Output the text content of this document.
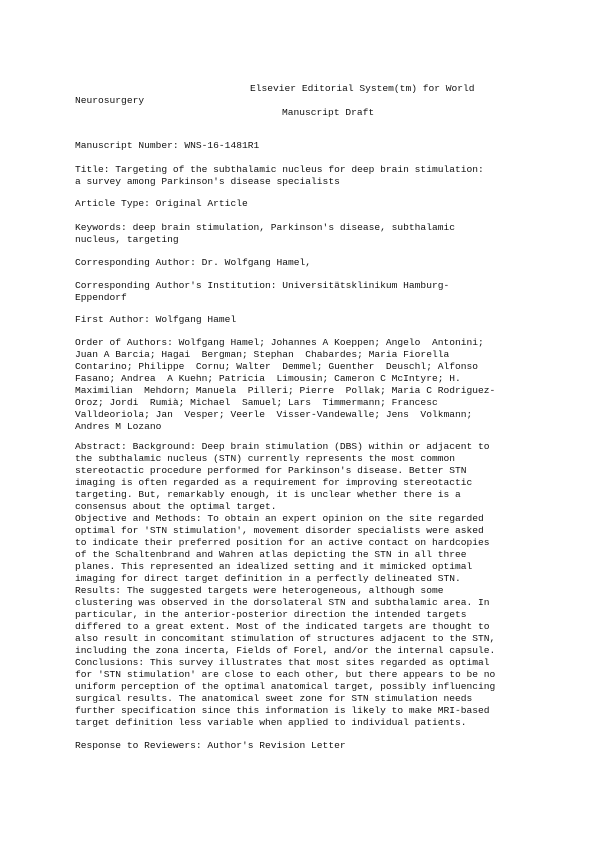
Elsevier Editorial System(tm) for World
Neurosurgery
Manuscript Draft
Manuscript Number: WNS-16-1481R1
Title: Targeting of the subthalamic nucleus for deep brain stimulation:
a survey among Parkinson's disease specialists
Article Type: Original Article
Keywords: deep brain stimulation, Parkinson's disease, subthalamic
nucleus, targeting
Corresponding Author: Dr. Wolfgang Hamel,
Corresponding Author's Institution: Universitätsklinikum Hamburg-
Eppendorf
First Author: Wolfgang Hamel
Order of Authors: Wolfgang Hamel; Johannes A Koeppen; Angelo  Antonini;
Juan A Barcia; Hagai  Bergman; Stephan  Chabardes; Maria Fiorella
Contarino; Philippe  Cornu; Walter  Demmel; Guenther  Deuschl; Alfonso
Fasano; Andrea  A Kuehn; Patricia  Limousin; Cameron C McIntyre; H.
Maximilian  Mehdorn; Manuela  Pilleri; Pierre  Pollak; Maria C Rodriguez-
Oroz; Jordi  Rumià; Michael  Samuel; Lars  Timmermann; Francesc
Valldeoriola; Jan  Vesper; Veerle  Visser-Vandewalle; Jens  Volkmann;
Andres M Lozano
Abstract: Background: Deep brain stimulation (DBS) within or adjacent to
the subthalamic nucleus (STN) currently represents the most common
stereotactic procedure performed for Parkinson's disease. Better STN
imaging is often regarded as a requirement for improving stereotactic
targeting. But, remarkably enough, it is unclear whether there is a
consensus about the optimal target.
Objective and Methods: To obtain an expert opinion on the site regarded
optimal for 'STN stimulation', movement disorder specialists were asked
to indicate their preferred position for an active contact on hardcopies
of the Schaltenbrand and Wahren atlas depicting the STN in all three
planes. This represented an idealized setting and it mimicked optimal
imaging for direct target definition in a perfectly delineated STN.
Results: The suggested targets were heterogeneous, although some
clustering was observed in the dorsolateral STN and subthalamic area. In
particular, in the anterior-posterior direction the intended targets
differed to a great extent. Most of the indicated targets are thought to
also result in concomitant stimulation of structures adjacent to the STN,
including the zona incerta, Fields of Forel, and/or the internal capsule.
Conclusions: This survey illustrates that most sites regarded as optimal
for 'STN stimulation' are close to each other, but there appears to be no
uniform perception of the optimal anatomical target, possibly influencing
surgical results. The anatomical sweet zone for STN stimulation needs
further specification since this information is likely to make MRI-based
target definition less variable when applied to individual patients.
Response to Reviewers: Author's Revision Letter
